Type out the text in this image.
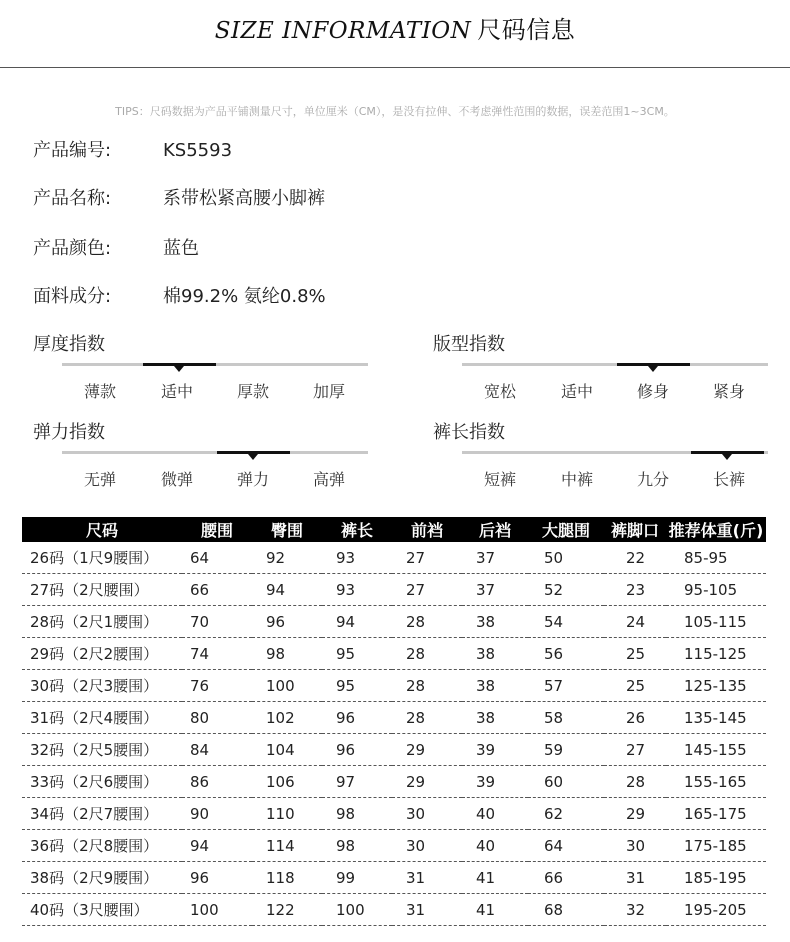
SIZE INFORMATION 尺码信息
TIPS：尺码数据为产品平铺测量尺寸，单位厘米（CM），是没有拉伸、不考虑弹性范围的数据，误差范围1~3CM。
产品编号:	KS5593
产品名称:	系带松紧高腰小脚裤
产品颜色:	蓝色
面料成分:	棉99.2% 氨纶0.8%
厚度指数
薄款	适中	厚款	加厚
版型指数
宽松	适中	修身	紧身
弹力指数
无弹	微弹	弹力	高弹
裤长指数
短裤	中裤	九分	长裤
尺码	腰围	臀围	裤长	前裆	后裆	大腿围	裤脚口	推荐体重(斤)
26码（1尺9腰围）	64	92	93	27	37	50	22	85-95
27码（2尺腰围）	66	94	93	27	37	52	23	95-105
28码（2尺1腰围）	70	96	94	28	38	54	24	105-115
29码（2尺2腰围）	74	98	95	28	38	56	25	115-125
30码（2尺3腰围）	76	100	95	28	38	57	25	125-135
31码（2尺4腰围）	80	102	96	28	38	58	26	135-145
32码（2尺5腰围）	84	104	96	29	39	59	27	145-155
33码（2尺6腰围）	86	106	97	29	39	60	28	155-165
34码（2尺7腰围）	90	110	98	30	40	62	29	165-175
36码（2尺8腰围）	94	114	98	30	40	64	30	175-185
38码（2尺9腰围）	96	118	99	31	41	66	31	185-195
40码（3尺腰围）	100	122	100	31	41	68	32	195-205
